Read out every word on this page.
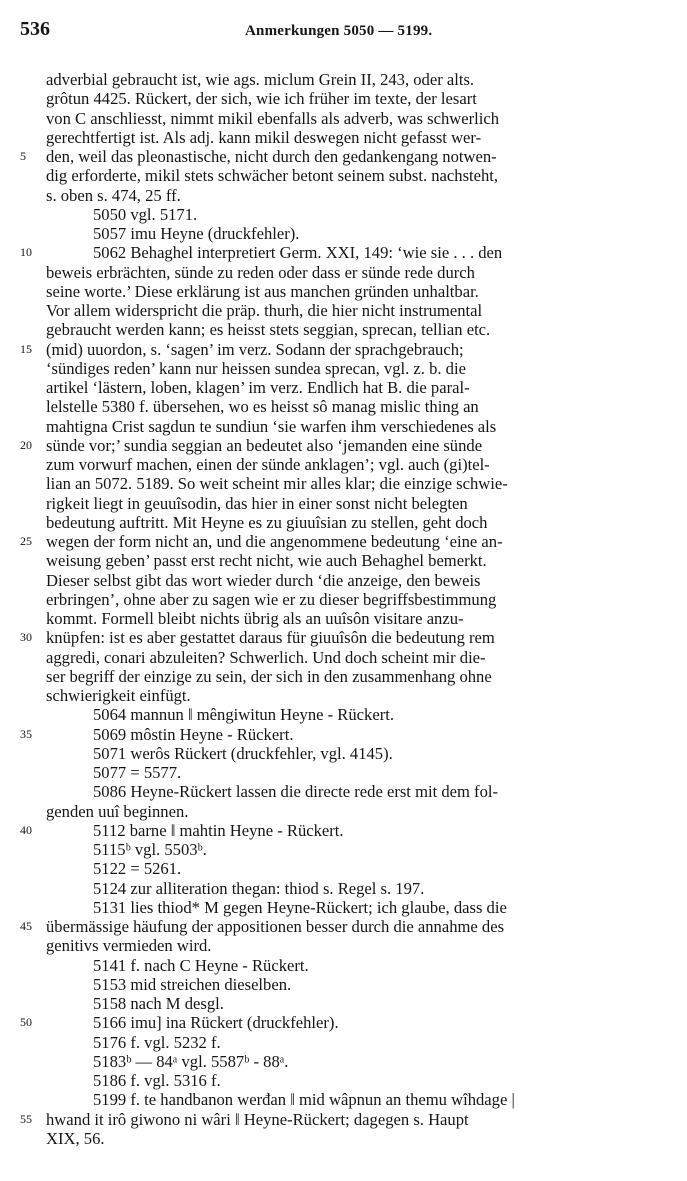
536	Anmerkungen 5050 — 5199.
adverbial gebraucht ist, wie ags. miclum Grein II, 243, oder alts.
grôtun 4425. Rückert, der sich, wie ich früher im texte, der lesart
von C anschliesst, nimmt mikil ebenfalls als adverb, was schwerlich
gerechtfertigt ist. Als adj. kann mikil deswegen nicht gefasst wer-
5 den, weil das pleonastische, nicht durch den gedankengang notwen-
dig erforderte, mikil stets schwächer betont seinem subst. nachsteht,
s. oben s. 474, 25 ff.
5050 vgl. 5171.
5057 imu Heyne (druckfehler).
10	5062 Behaghel interpretiert Germ. XXI, 149: ‘wie sie . . . den
beweis erbrächten, sünde zu reden oder dass er sünde rede durch
seine worte.’ Diese erklärung ist aus manchen gründen unhaltbar.
Vor allem widerspricht die präp. thurh, die hier nicht instrumental
gebraucht werden kann; es heisst stets seggian, sprecan, tellian etc.
15 (mid) uuordon, s. ‘sagen’ im verz. Sodann der sprachgebrauch;
‘sündiges reden’ kann nur heissen sundea sprecan, vgl. z. b. die
artikel ‘lästern, loben, klagen’ im verz. Endlich hat B. die paral-
lelstelle 5380 f. übersehen, wo es heisst sô manag mislic thing an
mahtigna Crist sagdun te sundiun ‘sie warfen ihm verschiedenes als
20 sünde vor;’ sundia seggian an bedeutet also ‘jemanden eine sünde
zum vorwurf machen, einen der sünde anklagen’; vgl. auch (gi)tel-
lian an 5072. 5189. So weit scheint mir alles klar; die einzige schwie-
rigkeit liegt in geuuîsodin, das hier in einer sonst nicht belegten
bedeutung auftritt. Mit Heyne es zu giuuîsian zu stellen, geht doch
25 wegen der form nicht an, und die angenommene bedeutung ‘eine an-
weisung geben’ passt erst recht nicht, wie auch Behaghel bemerkt.
Dieser selbst gibt das wort wieder durch ‘die anzeige, den beweis
erbringen’, ohne aber zu sagen wie er zu dieser begriffsbestimmung
kommt. Formell bleibt nichts übrig als an uuîsôn visitare anzu-
30 knüpfen: ist es aber gestattet daraus für giuuîsôn die bedeutung rem
aggredi, conari abzuleiten? Schwerlich. Und doch scheint mir die-
ser begriff der einzige zu sein, der sich in den zusammenhang ohne
schwierigkeit einfügt.
5064 mannun ‖ mêngiwitun Heyne - Rückert.
35	5069 môstin Heyne - Rückert.
5071 werôs Rückert (druckfehler, vgl. 4145).
5077 = 5577.
5086 Heyne-Rückert lassen die directe rede erst mit dem fol-
genden uuî beginnen.
40	5112 barne ‖ mahtin Heyne - Rückert.
5115ᵇ vgl. 5503ᵇ.
5122 = 5261.
5124 zur alliteration thegan: thiod s. Regel s. 197.
5131 lies thiod* M gegen Heyne-Rückert; ich glaube, dass die
45 übermässige häufung der appositionen besser durch die annahme des
genitivs vermieden wird.
5141 f. nach C Heyne - Rückert.
5153 mid streichen dieselben.
5158 nach M desgl.
50	5166 imu] ina Rückert (druckfehler).
5176 f. vgl. 5232 f.
5183ᵇ — 84ᵃ vgl. 5587ᵇ - 88ᵃ.
5186 f. vgl. 5316 f.
5199 f. te handbanon werđan ‖ mid wâpnun an themu wîhdage |
55 hwand it irô giwono ni wâri ‖ Heyne-Rückert; dagegen s. Haupt
XIX, 56.
